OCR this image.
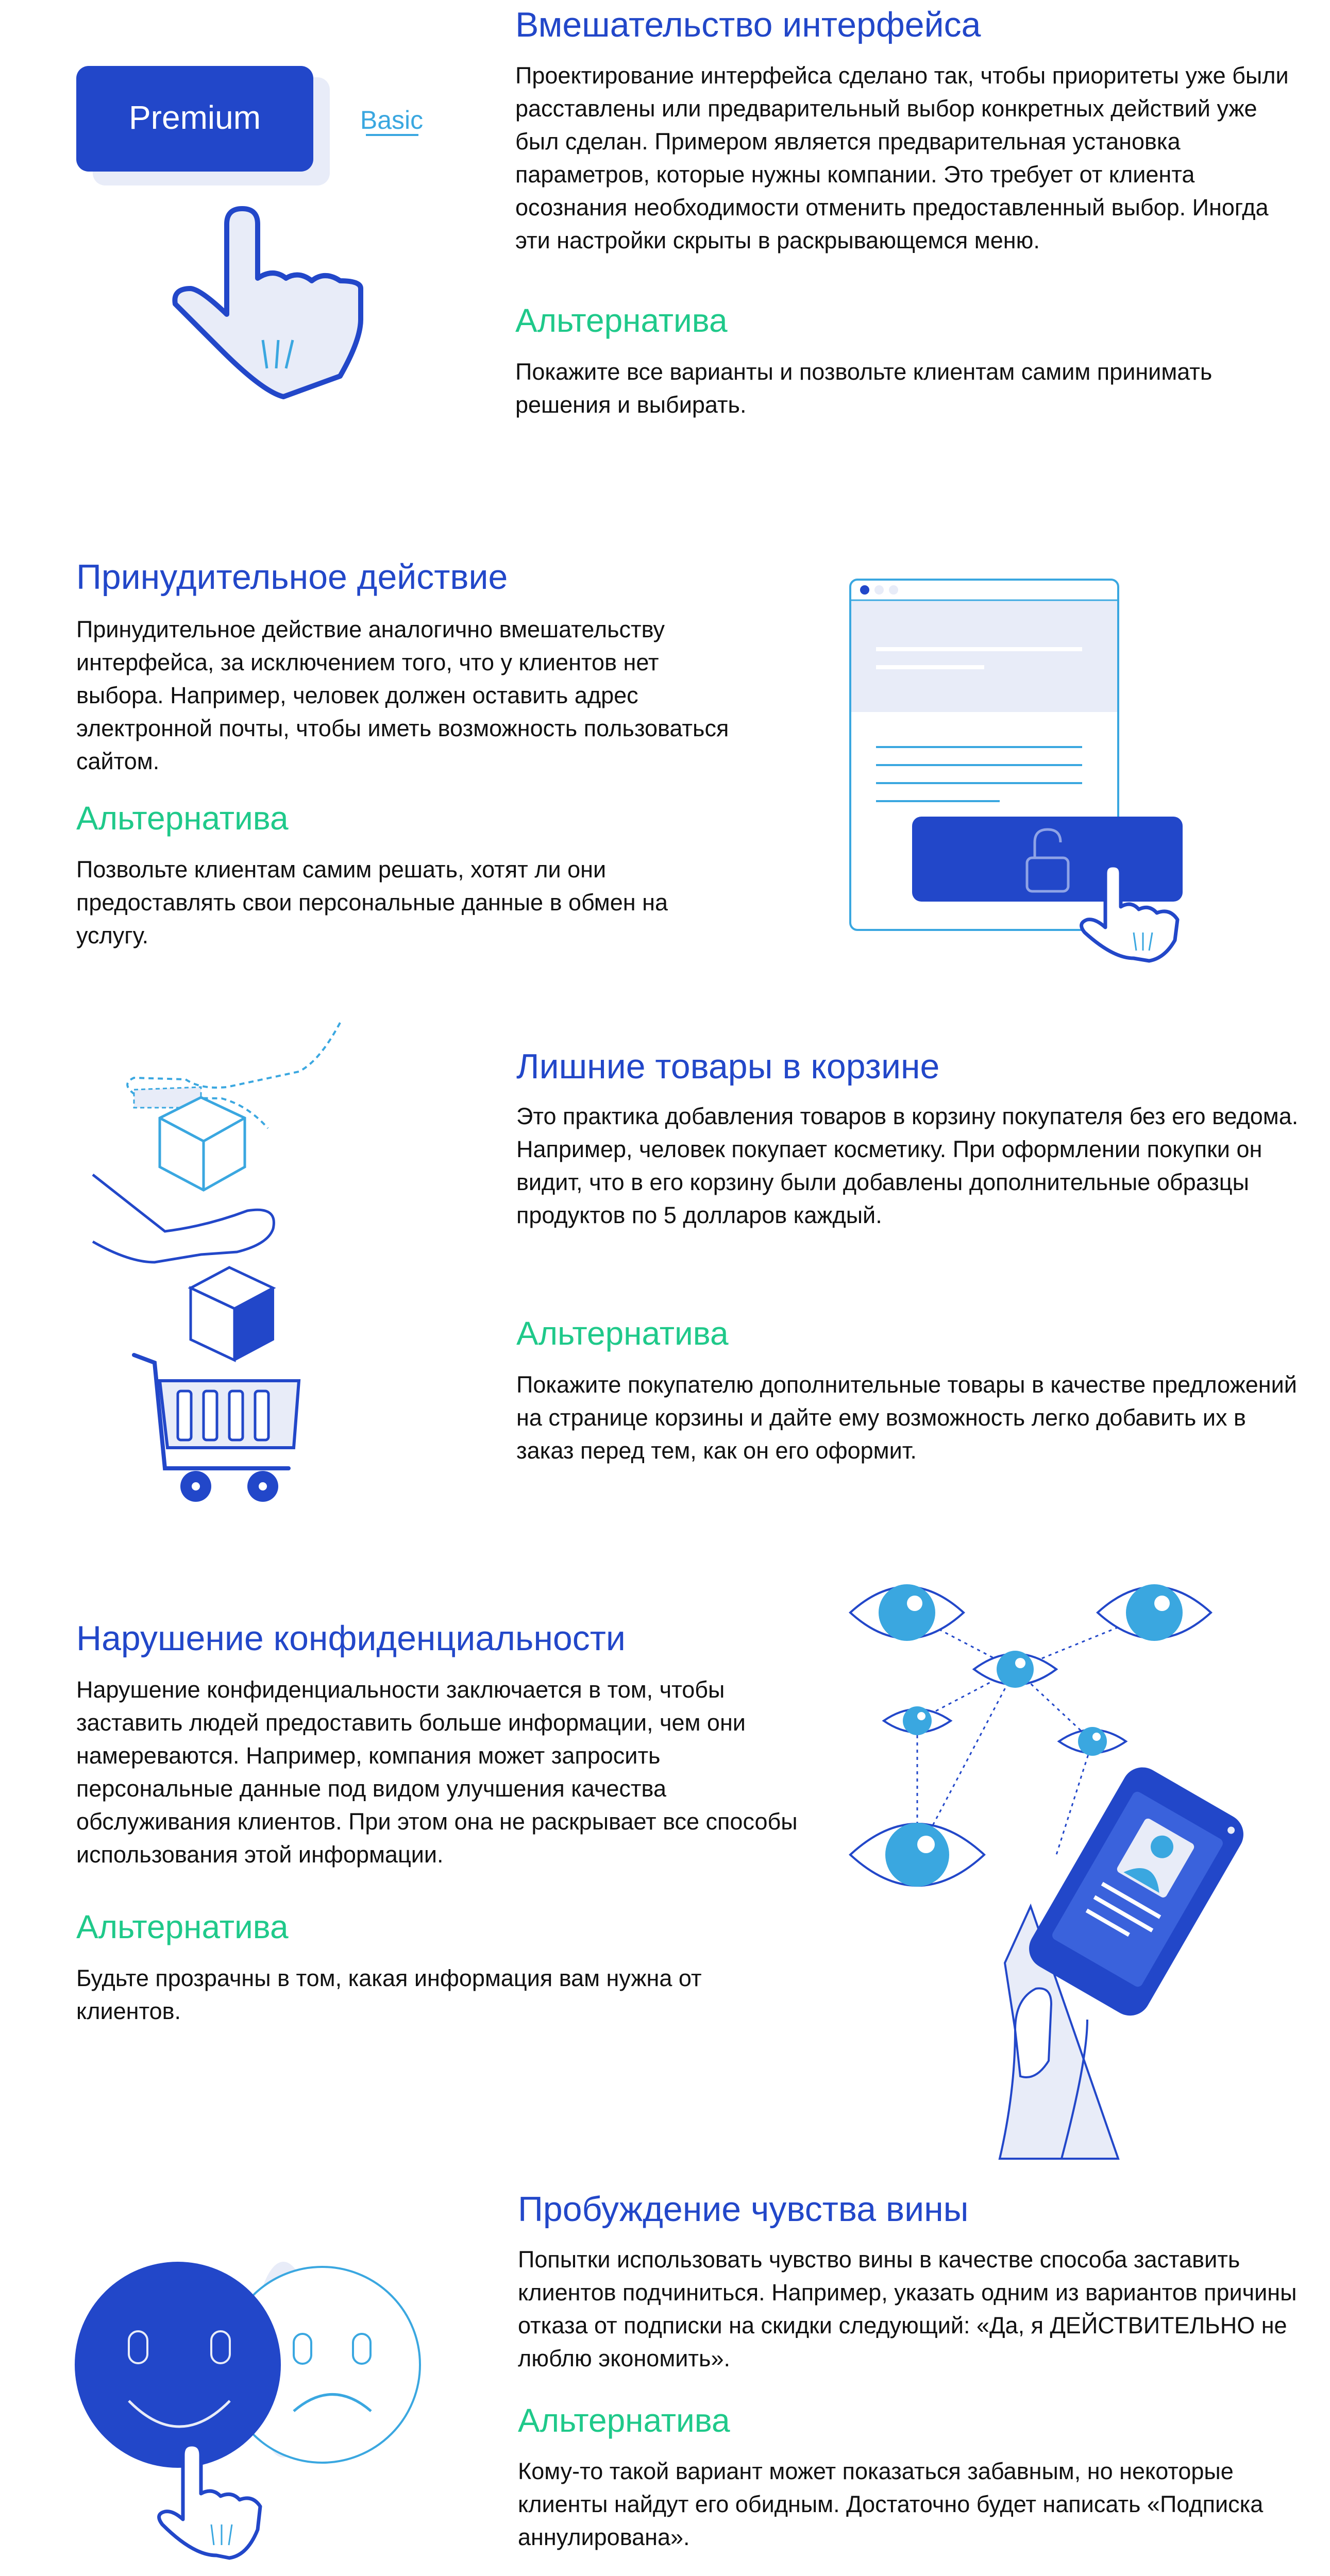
Вмешательство интерфейса

Проектирование интерфейса сделано так, чтобы приоритеты уже были расставлены или предварительный выбор конкретных действий уже был сделан. Примером является предварительная установка параметров, которые нужны компании. Это требует от клиента осознания необходимости отменить предоставленный выбор. Иногда эти настройки скрыты в раскрывающемся меню.

Альтернатива

Покажите все варианты и позвольте клиентам самим принимать решения и выбирать.

Premium	Basic
Принудительное действие

Принудительное действие аналогично вмешательству интерфейса, за исключением того, что у клиентов нет выбора. Например, человек должен оставить адрес электронной почты, чтобы иметь возможность пользоваться сайтом.

Альтернатива

Позвольте клиентам самим решать, хотят ли они предоставлять свои персональные данные в обмен на услугу.

Лишние товары в корзине

Это практика добавления товаров в корзину покупателя без его ведома. Например, человек покупает косметику. При оформлении покупки он видит, что в его корзину были добавлены дополнительные образцы продуктов по 5 долларов каждый.

Альтернатива

Покажите покупателю дополнительные товары в качестве предложений на странице корзины и дайте ему возможность легко добавить их в заказ перед тем, как он его оформит.

Нарушение конфиденциальности

Нарушение конфиденциальности заключается в том, чтобы заставить людей предоставить больше информации, чем они намереваются. Например, компания может запросить персональные данные под видом улучшения качества обслуживания клиентов. При этом она не раскрывает все способы использования этой информации.

Альтернатива

Будьте прозрачны в том, какая информация вам нужна от клиентов.

Пробуждение чувства вины

Попытки использовать чувство вины в качестве способа заставить клиентов подчиниться. Например, указать одним из вариантов причины отказа от подписки на скидки следующий: «Да, я ДЕЙСТВИТЕЛЬНО не люблю экономить».

Альтернатива

Кому-то такой вариант может показаться забавным, но некоторые клиенты найдут его обидным. Достаточно будет написать «Подписка аннулирована».
